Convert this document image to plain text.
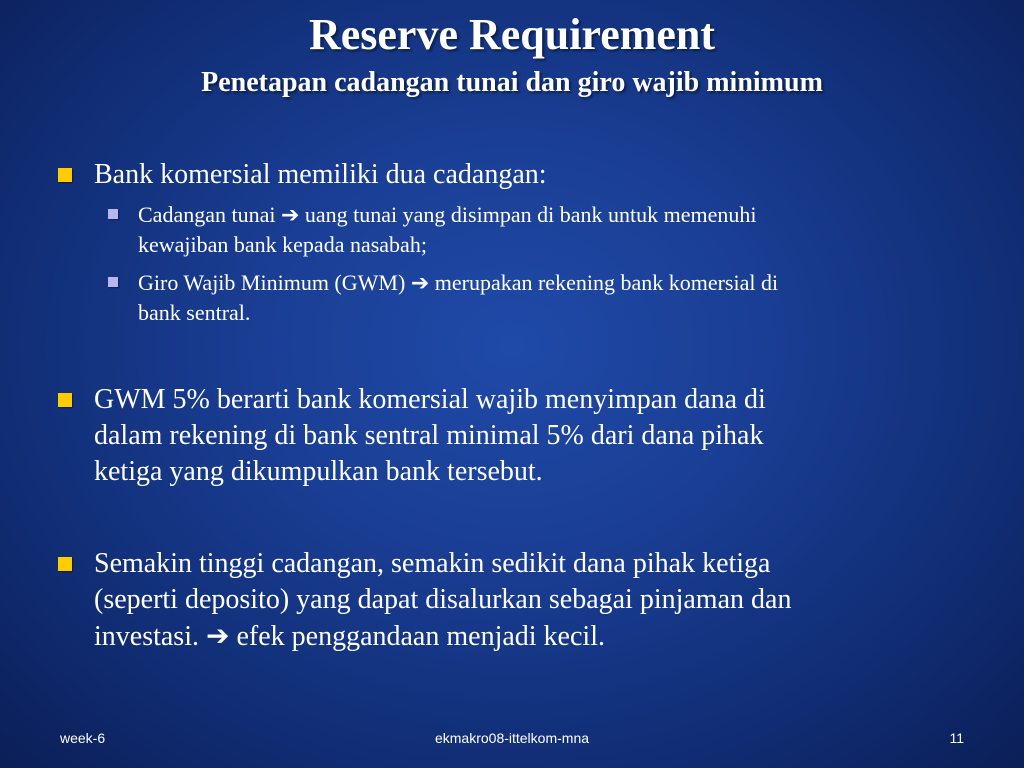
Reserve Requirement
Penetapan cadangan tunai dan giro wajib minimum
Bank komersial memiliki dua cadangan:
Cadangan tunai ➔ uang tunai yang disimpan di bank untuk memenuhi
kewajiban bank kepada nasabah;
Giro Wajib Minimum (GWM) ➔ merupakan rekening bank komersial di
bank sentral.
GWM 5% berarti bank komersial wajib menyimpan dana di
dalam rekening di bank sentral minimal 5% dari dana pihak
ketiga yang dikumpulkan bank tersebut.
Semakin tinggi cadangan, semakin sedikit dana pihak ketiga
(seperti deposito) yang dapat disalurkan sebagai pinjaman dan
investasi. ➔ efek penggandaan menjadi kecil.
week-6	ekmakro08-ittelkom-mna	11
